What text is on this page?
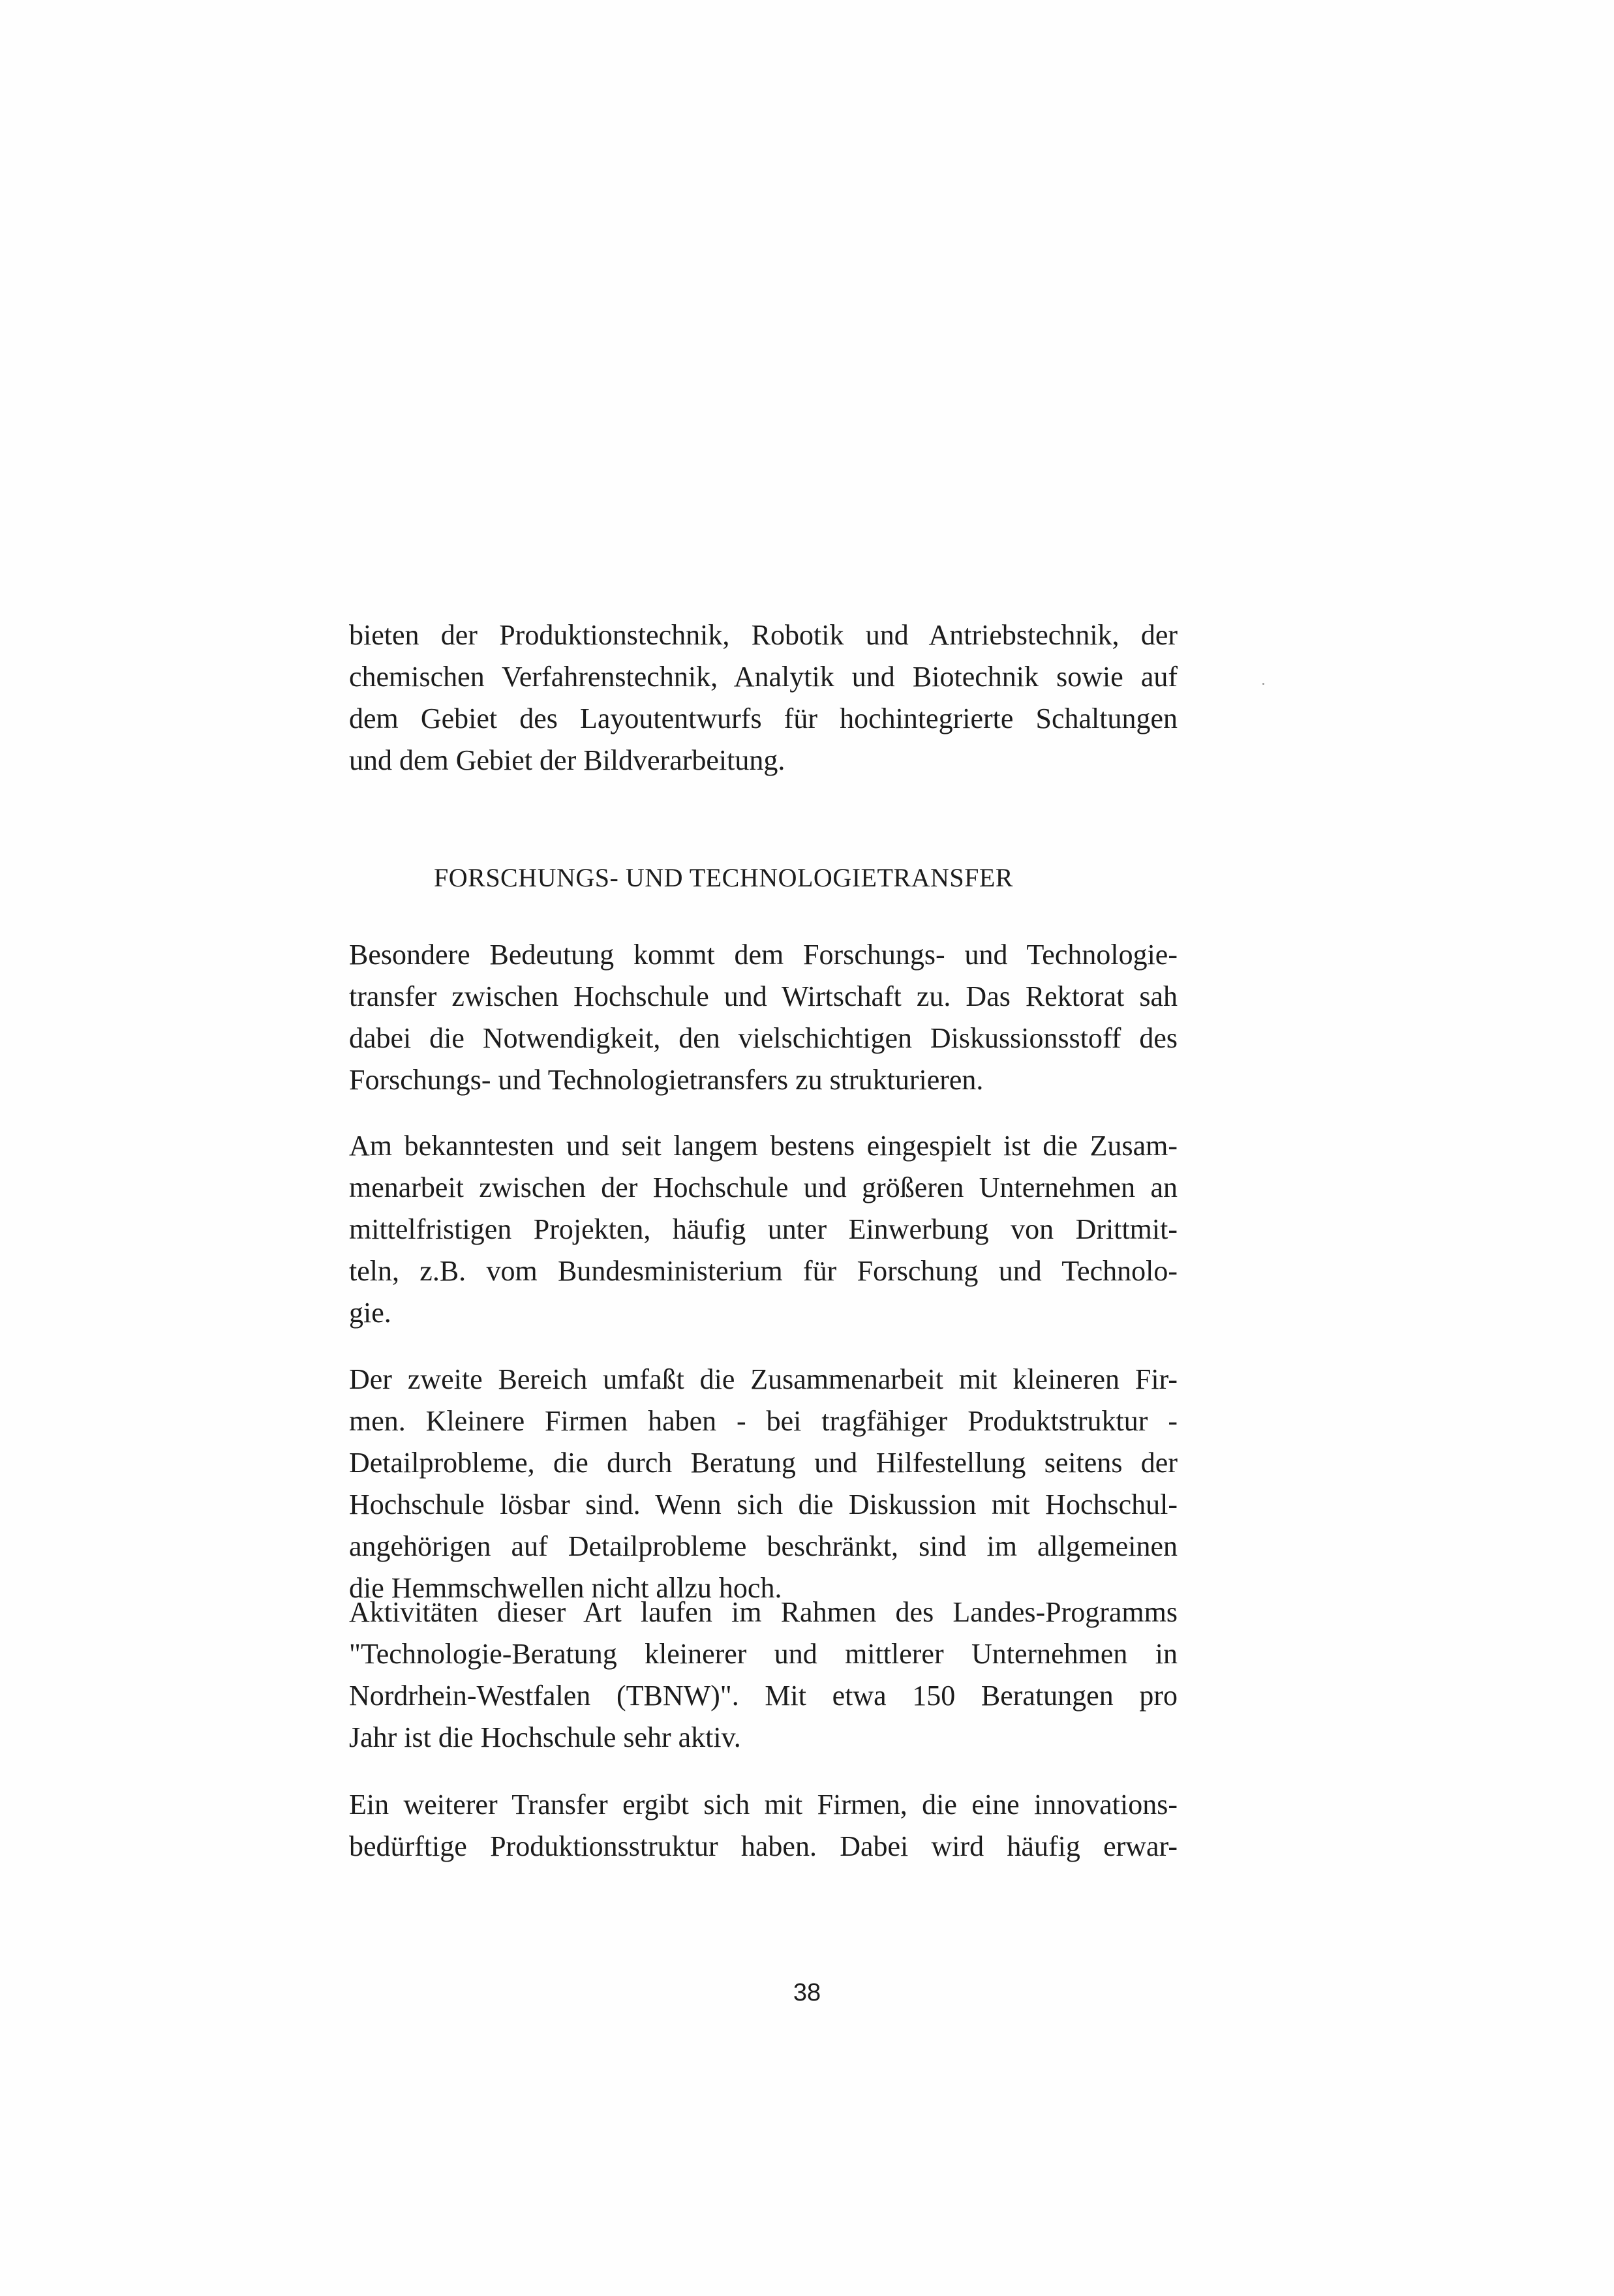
bieten der Produktionstechnik, Robotik und Antriebstechnik, der
chemischen Verfahrenstechnik, Analytik und Biotechnik sowie auf
dem Gebiet des Layoutentwurfs für hochintegrierte Schaltungen
und dem Gebiet der Bildverarbeitung.
FORSCHUNGS- UND TECHNOLOGIETRANSFER
Besondere Bedeutung kommt dem Forschungs- und Technologie-
transfer zwischen Hochschule und Wirtschaft zu. Das Rektorat sah
dabei die Notwendigkeit, den vielschichtigen Diskussionsstoff des
Forschungs- und Technologietransfers zu strukturieren.
Am bekanntesten und seit langem bestens eingespielt ist die Zusam-
menarbeit zwischen der Hochschule und größeren Unternehmen an
mittelfristigen Projekten, häufig unter Einwerbung von Drittmit-
teln, z.B. vom Bundesministerium für Forschung und Technolo-
gie.
Der zweite Bereich umfaßt die Zusammenarbeit mit kleineren Fir-
men. Kleinere Firmen haben - bei tragfähiger Produktstruktur -
Detailprobleme, die durch Beratung und Hilfestellung seitens der
Hochschule lösbar sind. Wenn sich die Diskussion mit Hochschul-
angehörigen auf Detailprobleme beschränkt, sind im allgemeinen
die Hemmschwellen nicht allzu hoch.
Aktivitäten dieser Art laufen im Rahmen des Landes-Programms
"Technologie-Beratung kleinerer und mittlerer Unternehmen in
Nordrhein-Westfalen (TBNW)". Mit etwa 150 Beratungen pro
Jahr ist die Hochschule sehr aktiv.
Ein weiterer Transfer ergibt sich mit Firmen, die eine innovations-
bedürftige Produktionsstruktur haben. Dabei wird häufig erwar-
38
